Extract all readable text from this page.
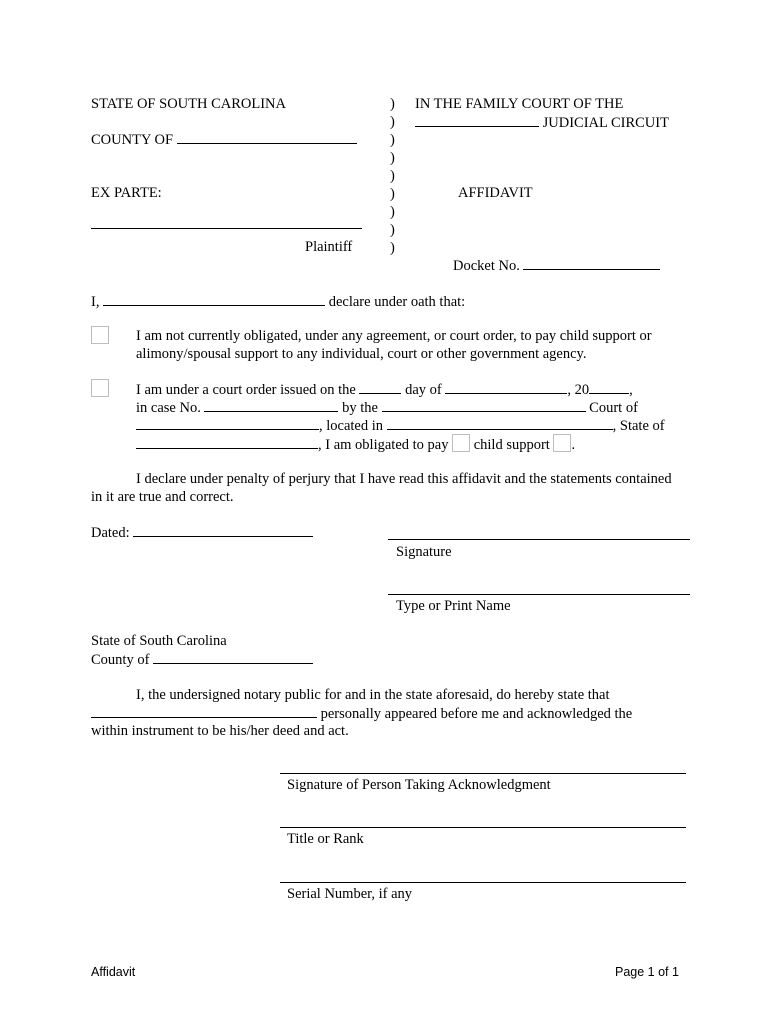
STATE OF SOUTH CAROLINA
COUNTY OF
EX PARTE:
Plaintiff
)
)
)
)
)
)
)
)
)
IN THE FAMILY COURT OF THE
JUDICIAL CIRCUIT
AFFIDAVIT
Docket No.
I,	declare under oath that:
I am not currently obligated, under any agreement, or court order, to pay child support or
alimony/spousal support to any individual, court or other government agency.
I am under a court order issued on the	day of	, 20	,
in case No.	by the	Court of
, located in	, State of
, I am obligated to pay child support .
I declare under penalty of perjury that I have read this affidavit and the statements contained
in it are true and correct.
Dated:
Signature
Type or Print Name
State of South Carolina
County of
I, the undersigned notary public for and in the state aforesaid, do hereby state that
personally appeared before me and acknowledged the
within instrument to be his/her deed and act.
Signature of Person Taking Acknowledgment
Title or Rank
Serial Number, if any
Affidavit	Page 1 of 1
